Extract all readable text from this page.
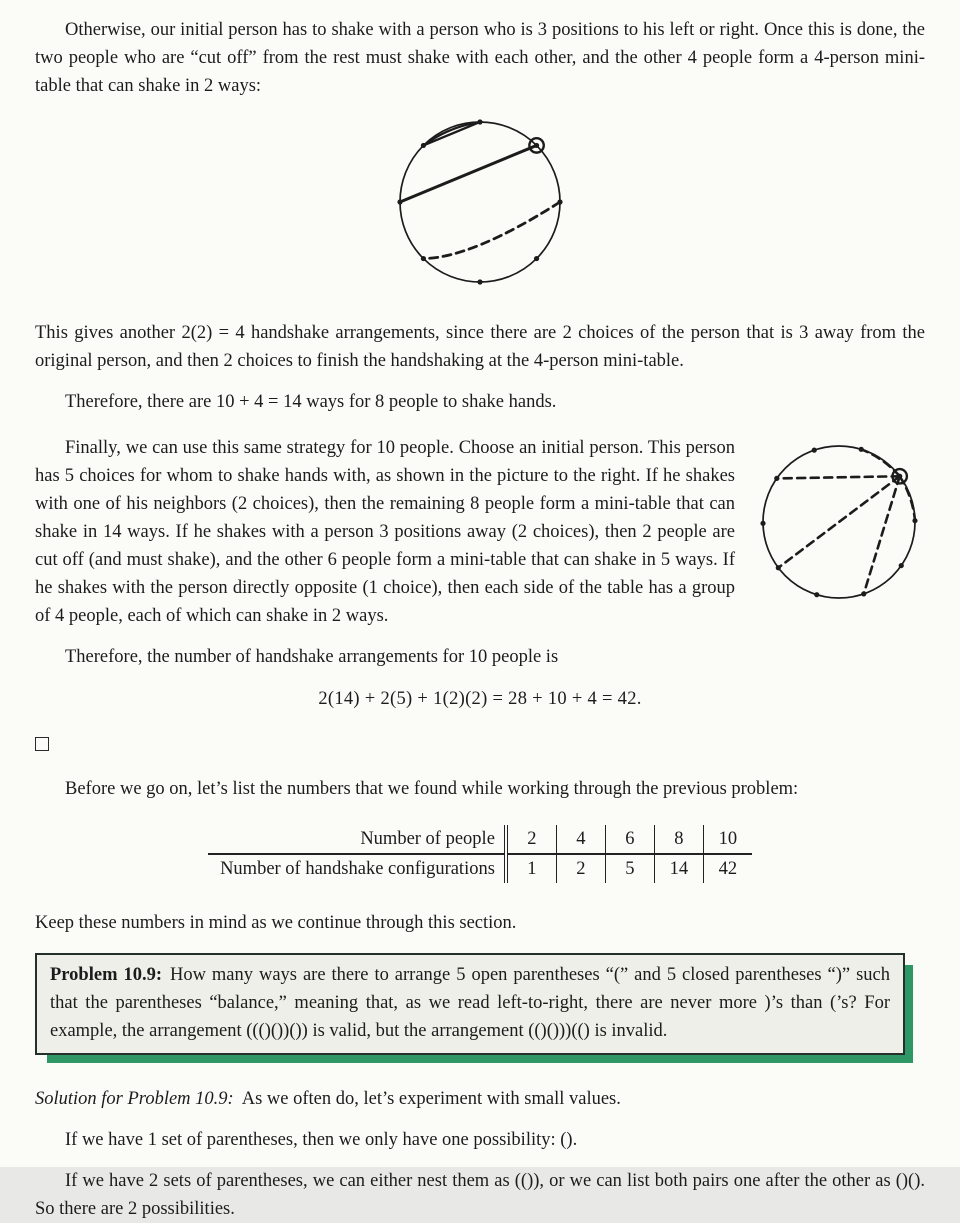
Otherwise, our initial person has to shake with a person who is 3 positions to his left or right. Once this is done, the two people who are “cut off” from the rest must shake with each other, and the other 4 people form a 4-person mini-table that can shake in 2 ways:

This gives another 2(2) = 4 handshake arrangements, since there are 2 choices of the person that is 3 away from the original person, and then 2 choices to finish the handshaking at the 4-person mini-table.

Therefore, there are 10 + 4 = 14 ways for 8 people to shake hands.

Finally, we can use this same strategy for 10 people. Choose an initial person. This person has 5 choices for whom to shake hands with, as shown in the picture to the right. If he shakes with one of his neighbors (2 choices), then the remaining 8 people form a mini-table that can shake in 14 ways. If he shakes with a person 3 positions away (2 choices), then 2 people are cut off (and must shake), and the other 6 people form a mini-table that can shake in 5 ways. If he shakes with the person directly opposite (1 choice), then each side of the table has a group of 4 people, each of which can shake in 2 ways.

Therefore, the number of handshake arrangements for 10 people is

2(14) + 2(5) + 1(2)(2) = 28 + 10 + 4 = 42.

Before we go on, let’s list the numbers that we found while working through the previous problem:

Number of people	2	4	6	8	10
Number of handshake configurations	1	2	5	14	42

Keep these numbers in mind as we continue through this section.

Problem 10.9: How many ways are there to arrange 5 open parentheses “(” and 5 closed parentheses “)” such that the parentheses “balance,” meaning that, as we read left-to-right, there are never more )’s than (’s? For example, the arrangement ((()())()) is valid, but the arrangement (()()))(() is invalid.

Solution for Problem 10.9: As we often do, let’s experiment with small values.

If we have 1 set of parentheses, then we only have one possibility: ().

If we have 2 sets of parentheses, we can either nest them as (()), or we can list both pairs one after the other as ()(). So there are 2 possibilities.
